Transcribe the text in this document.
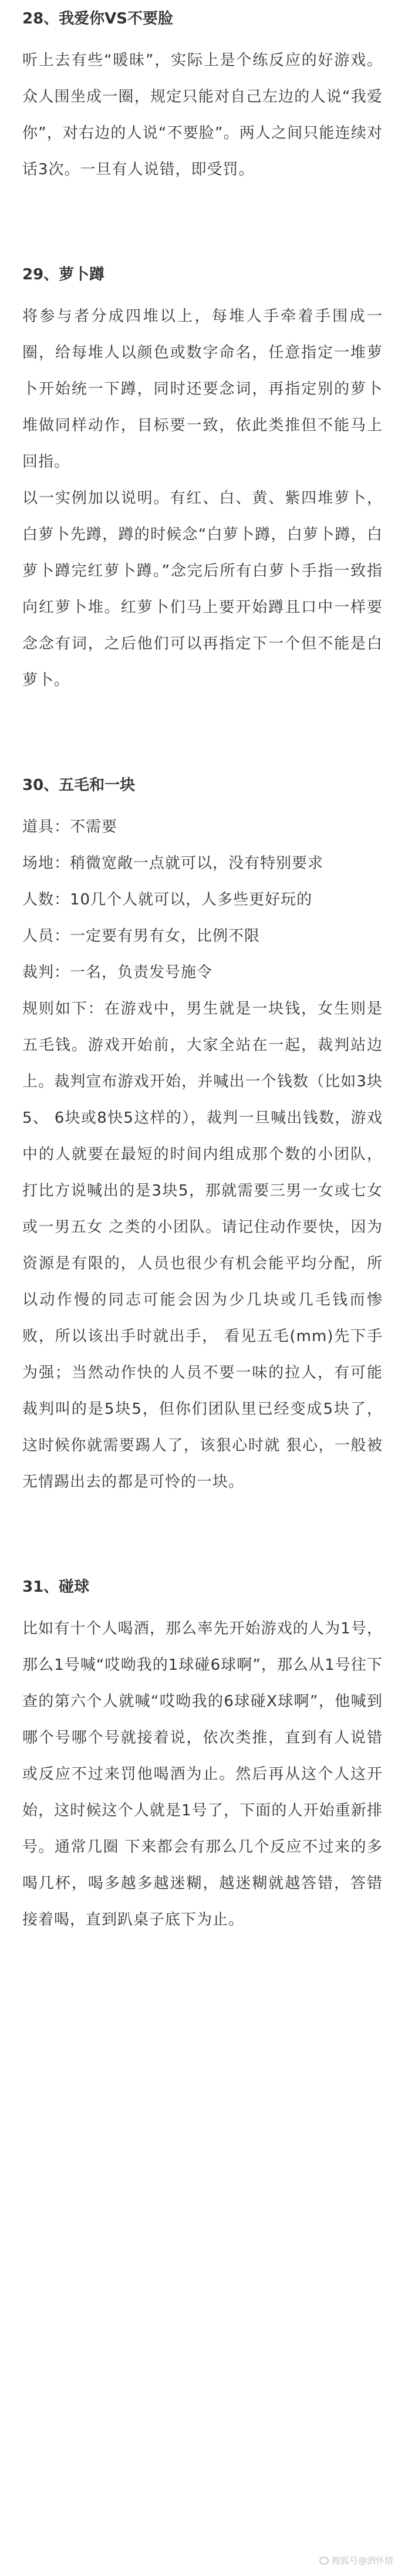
28、我爱你VS不要脸

听上去有些“暖昧”，实际上是个练反应的好游戏。众人围坐成一圈，规定只能对自己左边的人说“我爱你”，对右边的人说“不要脸”。两人之间只能连续对话3次。一旦有人说错，即受罚。

29、萝卜蹲

将参与者分成四堆以上，每堆人手牵着手围成一圈，给每堆人以颜色或数字命名，任意指定一堆萝卜开始统一下蹲，同时还要念词，再指定别的萝卜堆做同样动作，目标要一致，依此类推但不能马上回指。

以一实例加以说明。有红、白、黄、紫四堆萝卜，白萝卜先蹲，蹲的时候念“白萝卜蹲，白萝卜蹲，白萝卜蹲完红萝卜蹲。”念完后所有白萝卜手指一致指向红萝卜堆。红萝卜们马上要开始蹲且口中一样要念念有词，之后他们可以再指定下一个但不能是白萝卜。

30、五毛和一块

道具：不需要

场地：稍微宽敞一点就可以，没有特别要求

人数：10几个人就可以，人多些更好玩的

人员：一定要有男有女，比例不限

裁判：一名，负责发号施令

规则如下：在游戏中，男生就是一块钱，女生则是五毛钱。游戏开始前，大家全站在一起，裁判站边上。裁判宣布游戏开始，并喊出一个钱数（比如3块5、 6块或8快5这样的），裁判一旦喊出钱数，游戏中的人就要在最短的时间内组成那个数的小团队，打比方说喊出的是3块5，那就需要三男一女或七女或一男五女 之类的小团队。请记住动作要快，因为资源是有限的，人员也很少有机会能平均分配，所以动作慢的同志可能会因为少几块或几毛钱而惨败，所以该出手时就出手， 看见五毛(mm)先下手为强；当然动作快的人员不要一味的拉人，有可能裁判叫的是5块5，但你们团队里已经变成5块了，这时候你就需要踢人了，该狠心时就 狠心，一般被无情踢出去的都是可怜的一块。

31、碰球

比如有十个人喝酒，那么率先开始游戏的人为1号，那么1号喊“哎呦我的1球碰6球啊”，那么从1号往下查的第六个人就喊“哎呦我的6球碰X球啊”，他喊到哪个号哪个号就接着说，依次类推，直到有人说错或反应不过来罚他喝酒为止。然后再从这个人这开始，这时候这个人就是1号了，下面的人开始重新排号。通常几圈 下来都会有那么几个反应不过来的多喝几杯，喝多越多越迷糊，越迷糊就越答错，答错接着喝，直到趴桌子底下为止。

搜狐号@酒怀情
